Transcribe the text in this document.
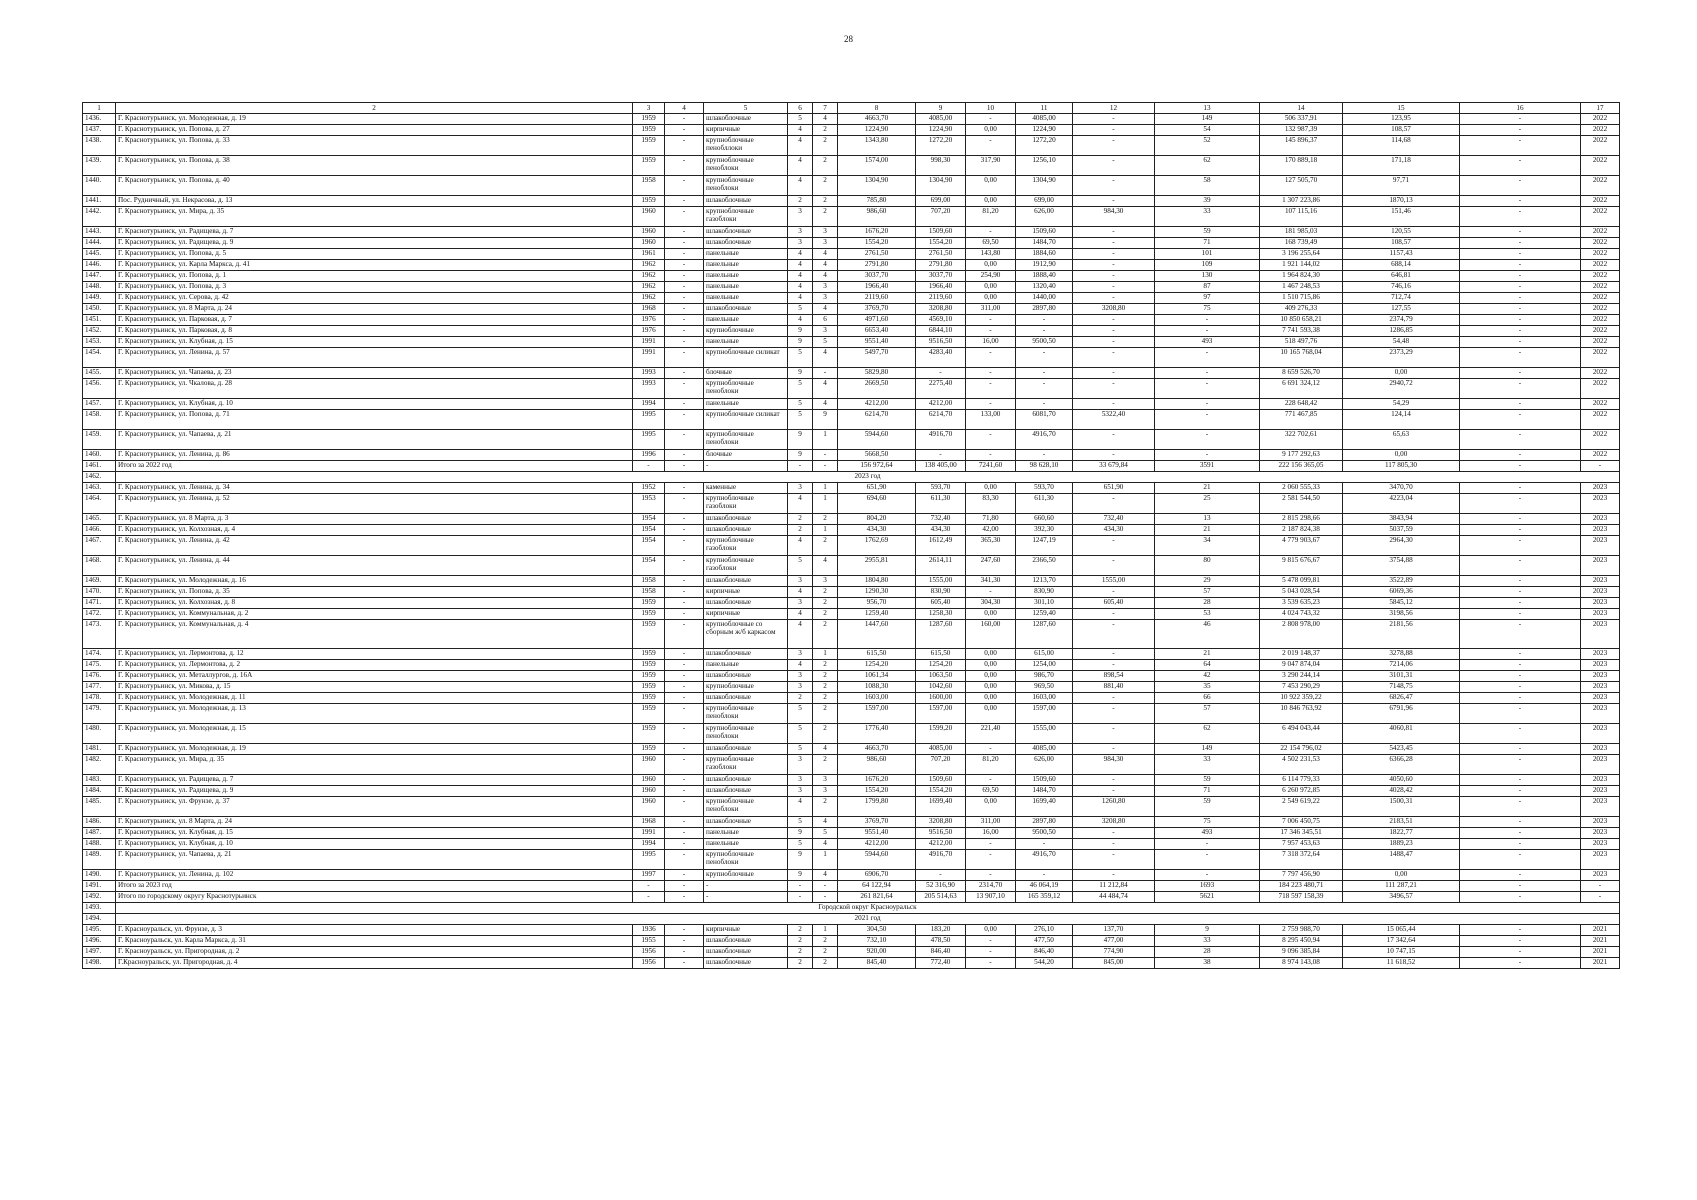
28
1	2	3	4	5	6	7	8	9	10	11	12	13	14	15	16	17
1436.	Г. Краснотурьинск, ул. Молодежная, д. 19	1959	-	шлакоблочные	5	4	4663,70	4085,00	-	4085,00	-	149	506 337,91	123,95	-	2022
1437.	Г. Краснотурьинск, ул. Попова, д. 27	1959	-	кирпичные	4	2	1224,90	1224,90	0,00	1224,90	-	54	132 987,39	108,57	-	2022
1438.	Г. Краснотурьинск, ул. Попова, д. 33	1959	-	крупноблочные пенобллоки	4	2	1343,80	1272,20	-	1272,20	-	52	145 896,37	114,68	-	2022
1439.	Г. Краснотурьинск, ул. Попова, д. 38	1959	-	крупноблочные пеноблоки	4	2	1574,00	998,30	317,90	1256,10	-	62	170 889,18	171,18	-	2022
1440.	Г. Краснотурьинск, ул. Попова, д. 40	1958	-	крупноблочные пеноблоки	4	2	1304,90	1304,90	0,00	1304,90	-	58	127 505,70	97,71	-	2022
1441.	Пос. Рудничный, ул. Некрасова, д. 13	1959	-	шлакоблочные	2	2	785,80	699,00	0,00	699,00	-	39	1 307 223,86	1870,13	-	2022
1442.	Г. Краснотурьинск, ул. Мира, д. 35	1960	-	крупноблочные газоблоки	3	2	986,60	707,20	81,20	626,00	984,30	33	107 115,16	151,46	-	2022
1443.	Г. Краснотурьинск, ул. Радищева, д. 7	1960	-	шлакоблочные	3	3	1676,20	1509,60	-	1509,60	-	59	181 985,03	120,55	-	2022
1444.	Г. Краснотурьинск, ул. Радищева, д. 9	1960	-	шлакоблочные	3	3	1554,20	1554,20	69,50	1484,70	-	71	168 739,49	108,57	-	2022
1445.	Г. Краснотурьинск, ул. Попова, д. 5	1961	-	панельные	4	4	2761,50	2761,50	143,80	1884,60	-	101	3 196 255,64	1157,43	-	2022
1446.	Г. Краснотурьинск, ул. Карла Маркса, д. 41	1962	-	панельные	4	4	2791,80	2791,80	0,00	1912,90	-	109	1 921 144,02	688,14	-	2022
1447.	Г. Краснотурьинск, ул. Попова, д. 1	1962	-	панельные	4	4	3037,70	3037,70	254,90	1888,40	-	130	1 964 824,30	646,81	-	2022
1448.	Г. Краснотурьинск, ул. Попова, д. 3	1962	-	панельные	4	3	1966,40	1966,40	0,00	1320,40	-	87	1 467 248,53	746,16	-	2022
1449.	Г. Краснотурьинск, ул. Серова, д. 42	1962	-	панельные	4	3	2119,60	2119,60	0,00	1440,00	-	97	1 510 715,86	712,74	-	2022
1450.	Г. Краснотурьинск, ул. 8 Марта, д. 24	1968	-	шлакоблочные	5	4	3769,70	3208,80	311,00	2897,80	3208,80	75	409 276,33	127,55	-	2022
1451.	Г. Краснотурьинск, ул. Парковая, д. 7	1976	-	панельные	4	6	4971,60	4569,10	-	-	-	-	10 850 658,21	2374,79	-	2022
1452.	Г. Краснотурьинск, ул. Парковая, д. 8	1976	-	крупноблочные	9	3	6653,40	6844,10	-	-	-	-	7 741 593,38	1286,85	-	2022
1453.	Г. Краснотурьинск, ул. Клубная, д. 15	1991	-	панельные	9	5	9551,40	9516,50	16,00	9500,50	-	493	518 497,76	54,48	-	2022
1454.	Г. Краснотурьинск, ул. Ленина, д. 57	1991	-	крупноблочные силикат	5	4	5497,70	4283,40	-	-	-	-	10 165 768,04	2373,29	-	2022
1455.	Г. Краснотурьинск, ул. Чапаева, д. 23	1993	-	блочные	9	-	5829,80	-	-	-	-	-	8 659 526,70	0,00	-	2022
1456.	Г. Краснотурьинск, ул. Чкалова, д. 28	1993	-	крупноблочные пеноблоки	5	4	2669,50	2275,40	-	-	-	-	6 691 324,12	2940,72	-	2022
1457.	Г. Краснотурьинск, ул. Клубная, д. 10	1994	-	панельные	5	4	4212,00	4212,00	-	-	-	-	228 648,42	54,29	-	2022
1458.	Г. Краснотурьинск, ул. Попова, д. 71	1995	-	крупноблочные силикат	5	9	6214,70	6214,70	133,00	6081,70	5322,40	-	771 467,85	124,14	-	2022
1459.	Г. Краснотурьинск, ул. Чапаева, д. 21	1995	-	крупноблочные пеноблоки	9	1	5944,60	4916,70	-	4916,70	-	-	322 702,61	65,63	-	2022
1460.	Г. Краснотурьинск, ул. Ленина, д. 86	1996	-	блочные	9	-	5668,50	-	-	-	-	-	9 177 292,63	0,00	-	2022
1461.	Итого за 2022 год	-	-	-	-	-	156 972,64	138 405,00	7241,60	98 628,10	33 679,84	3591	222 156 365,05	117 805,30	-	-
1462.	2023 год															
1463.	Г. Краснотурьинск, ул. Ленина, д. 34	1952	-	каменные	3	1	651,90	593,70	0,00	593,70	651,90	21	2 060 555,33	3470,70	-	2023
1464.	Г. Краснотурьинск, ул. Ленина, д. 52	1953	-	крупноблочные газоблоки	4	1	694,60	611,30	83,30	611,30	-	25	2 581 544,50	4223,04	-	2023
1465.	Г. Краснотурьинск, ул. 8 Марта, д. 3	1954	-	шлакоблочные	2	2	804,20	732,40	71,80	660,60	732,40	13	2 815 298,66	3843,94	-	2023
1466.	Г. Краснотурьинск, ул. Колхозная, д. 4	1954	-	шлакоблочные	2	1	434,30	434,30	42,00	392,30	434,30	21	2 187 824,38	5037,59	-	2023
1467.	Г. Краснотурьинск, ул. Ленина, д. 42	1954	-	крупноблочные газоблоки	4	2	1762,69	1612,49	365,30	1247,19	-	34	4 779 903,67	2964,30	-	2023
1468.	Г. Краснотурьинск, ул. Ленина, д. 44	1954	-	крупноблочные газоблоки	5	4	2955,81	2614,11	247,60	2366,50	-	80	9 815 676,67	3754,88	-	2023
1469.	Г. Краснотурьинск, ул. Молодежная, д. 16	1958	-	шлакоблочные	3	3	1804,80	1555,00	341,30	1213,70	1555,00	29	5 478 099,81	3522,89	-	2023
1470.	Г. Краснотурьинск, ул. Попова, д. 35	1958	-	кирпичные	4	2	1290,30	830,90	-	830,90	-	57	5 043 028,54	6069,36	-	2023
1471.	Г. Краснотурьинск, ул. Колхозная, д. 8	1959	-	шлакоблочные	3	2	956,70	605,40	304,30	301,10	605,40	28	3 539 635,23	5845,12	-	2023
1472.	Г. Краснотурьинск, ул. Коммунальная, д. 2	1959	-	кирпичные	4	2	1259,40	1258,30	0,00	1259,40	-	53	4 024 743,32	3198,56	-	2023
1473.	Г. Краснотурьинск, ул. Коммунальная, д. 4	1959	-	крупноблочные со сборным ж/б каркасом	4	2	1447,60	1287,60	160,00	1287,60	-	46	2 808 978,00	2181,56	-	2023
1474.	Г. Краснотурьинск, ул. Лермонтова, д. 12	1959	-	шлакоблочные	3	1	615,50	615,50	0,00	615,00	-	21	2 019 148,37	3278,88	-	2023
1475.	Г. Краснотурьинск, ул. Лермонтова, д. 2	1959	-	панельные	4	2	1254,20	1254,20	0,00	1254,00	-	64	9 047 874,04	7214,06	-	2023
1476.	Г. Краснотурьинск, ул. Металлургов, д. 16А	1959	-	шлакоблочные	3	2	1061,34	1063,50	0,00	986,70	898,54	42	3 290 244,14	3101,31	-	2023
1477.	Г. Краснотурьинск, ул. Микова, д. 15	1959	-	крупноблочные	3	2	1088,30	1042,60	0,00	969,50	881,40	35	7 453 290,29	7148,75	-	2023
1478.	Г. Краснотурьинск, ул. Молодежная, д. 11	1959	-	шлакоблочные	2	2	1603,00	1600,00	0,00	1603,00	-	66	10 922 359,22	6826,47	-	2023
1479.	Г. Краснотурьинск, ул. Молодежная, д. 13	1959	-	крупноблочные пеноблоки	5	2	1597,00	1597,00	0,00	1597,00	-	57	10 846 763,92	6791,96	-	2023
1480.	Г. Краснотурьинск, ул. Молодежная, д. 15	1959	-	крупноблочные пеноблоки	5	2	1776,40	1599,20	221,40	1555,00	-	62	6 494 043,44	4060,81	-	2023
1481.	Г. Краснотурьинск, ул. Молодежная, д. 19	1959	-	шлакоблочные	5	4	4663,70	4085,00	-	4085,00	-	149	22 154 796,02	5423,45	-	2023
1482.	Г. Краснотурьинск, ул. Мира, д. 35	1960	-	крупноблочные газоблоки	3	2	986,60	707,20	81,20	626,00	984,30	33	4 502 231,53	6366,28	-	2023
1483.	Г. Краснотурьинск, ул. Радищева, д. 7	1960	-	шлакоблочные	3	3	1676,20	1509,60	-	1509,60	-	59	6 114 779,33	4050,60	-	2023
1484.	Г. Краснотурьинск, ул. Радищева, д. 9	1960	-	шлакоблочные	3	3	1554,20	1554,20	69,50	1484,70	-	71	6 260 972,85	4028,42	-	2023
1485.	Г. Краснотурьинск, ул. Фрунзе, д. 37	1960	-	крупноблочные пеноблоки	4	2	1799,80	1699,40	0,00	1699,40	1260,80	59	2 549 619,22	1500,31	-	2023
1486.	Г. Краснотурьинск, ул. 8 Марта, д. 24	1968	-	шлакоблочные	5	4	3769,70	3208,80	311,00	2897,80	3208,80	75	7 006 450,75	2183,51	-	2023
1487.	Г. Краснотурьинск, ул. Клубная, д. 15	1991	-	панельные	9	5	9551,40	9516,50	16,00	9500,50	-	493	17 346 345,51	1822,77	-	2023
1488.	Г. Краснотурьинск, ул. Клубная, д. 10	1994	-	панельные	5	4	4212,00	4212,00	-	-	-	-	7 957 453,63	1889,23	-	2023
1489.	Г. Краснотурьинск, ул. Чапаева, д. 21	1995	-	крупноблочные пеноблоки	9	1	5944,60	4916,70	-	4916,70	-	-	7 318 372,64	1488,47	-	2023
1490.	Г. Краснотурьинск, ул. Ленина, д. 102	1997	-	крупноблочные	9	4	6906,70	-	-	-	-	-	7 797 456,90	0,00	-	2023
1491.	Итого за 2023 год	-	-	-	-	-	64 122,94	52 316,90	2314,70	46 064,19	11 212,84	1693	184 223 480,71	111 287,21	-	-
1492.	Итого по городскому округу Краснотурьинск	-	-	-	-	-	261 821,64	205 514,63	13 907,10	165 359,12	44 484,74	5621	718 597 158,39	3496,57	-	-
1493.	Городской округ Красноуральск															
1494.	2021 год															
1495.	Г. Красноуральск, ул. Фрунзе, д. 3	1936	-	кирпичные	2	1	304,50	183,20	0,00	276,10	137,70	9	2 759 988,70	15 065,44	-	2021
1496.	Г. Красноуральск, ул. Карла Маркса, д. 31	1955	-	шлакоблочные	2	2	732,10	478,50	-	477,50	477,00	33	8 295 450,94	17 342,64	-	2021
1497.	Г. Красноуральск, ул. Пригородная, д. 2	1956	-	шлакоблочные	2	2	920,00	846,40	-	846,40	774,90	28	9 096 385,84	10 747,15	-	2021
1498.	Г.Красноуральск, ул. Пригородная, д. 4	1956	-	шлакоблочные	2	2	845,40	772,40	-	544,20	845,00	38	8 974 143,08	11 618,52	-	2021
